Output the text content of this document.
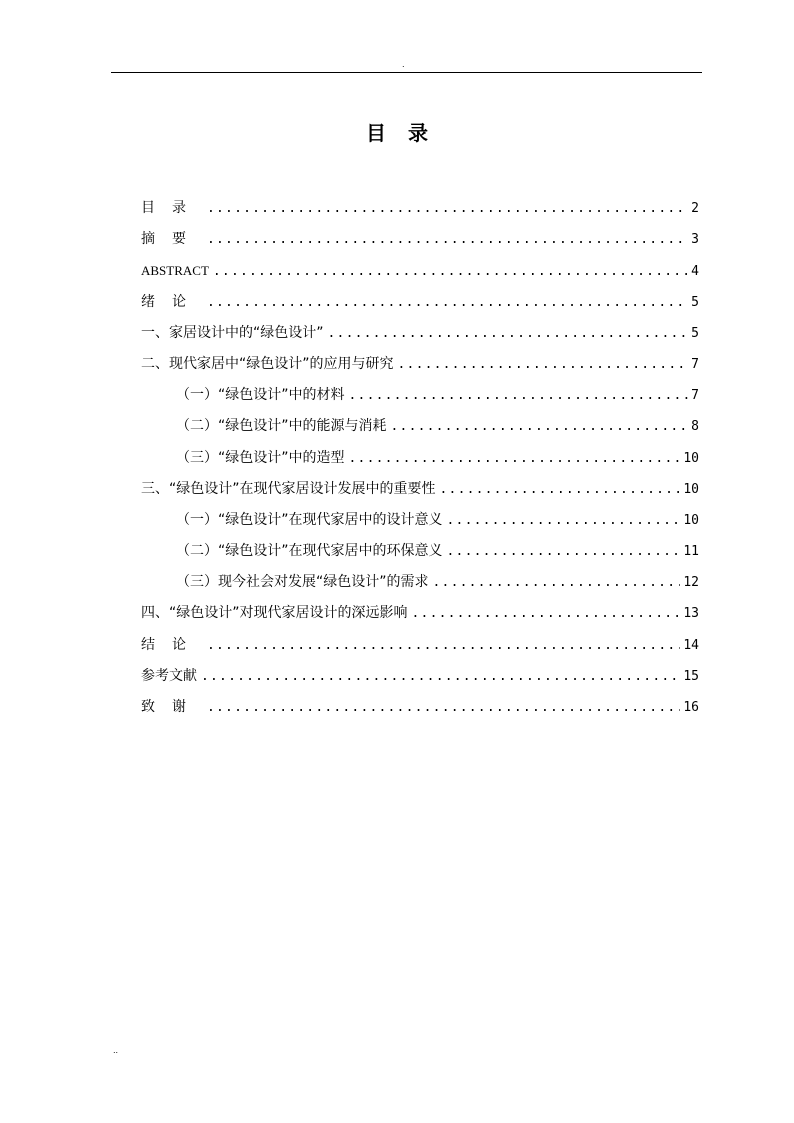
.
目录
目录 .....	2
摘要 .....	3
ABSTRACT .....	4
绪论 .....	5
一、家居设计中的“绿色设计” .....	5
二、现代家居中“绿色设计”的应用与研究 .....	7
（一）“绿色设计”中的材料 .....	7
（二）“绿色设计”中的能源与消耗 .....	8
（三）“绿色设计”中的造型 .....	10
三、“绿色设计”在现代家居设计发展中的重要性 .....	10
（一）“绿色设计”在现代家居中的设计意义 .....	10
（二）“绿色设计”在现代家居中的环保意义 .....	11
（三）现今社会对发展“绿色设计”的需求 .....	12
四、“绿色设计”对现代家居设计的深远影响 .....	13
结论 .....	14
参考文献 .....	15
致谢 .....	16
..
